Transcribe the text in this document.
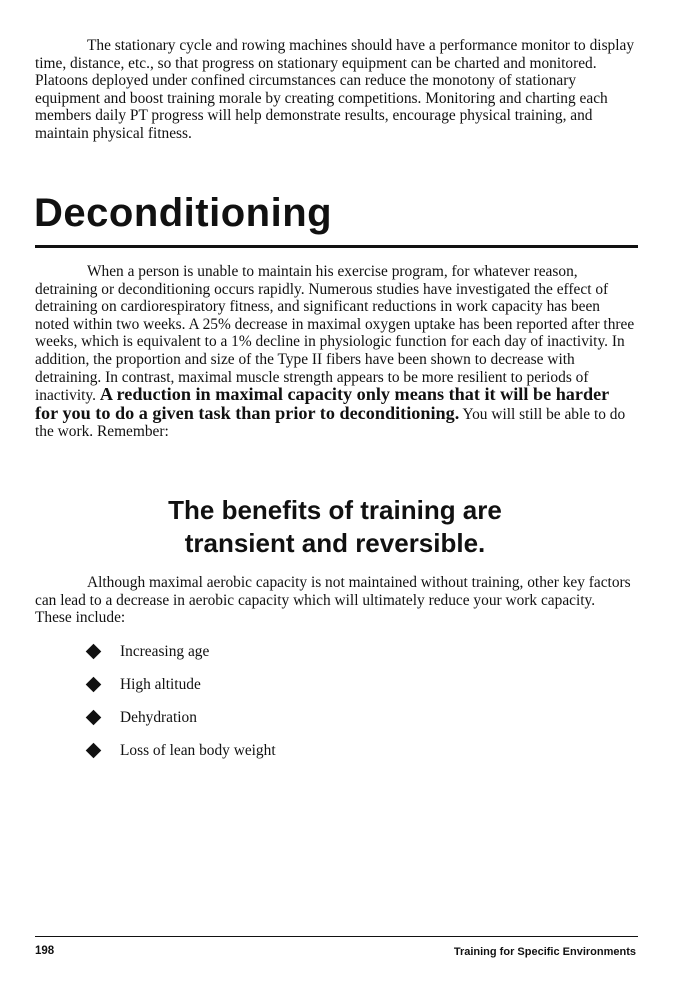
The stationary cycle and rowing machines should have a performance monitor to display time, distance, etc., so that progress on stationary equipment can be charted and monitored. Platoons deployed under confined circumstances can reduce the monotony of stationary equipment and boost training morale by creating competitions. Monitoring and charting each members daily PT progress will help demonstrate results, encourage physical training, and maintain physical fitness.

Deconditioning

When a person is unable to maintain his exercise program, for whatever reason, detraining or deconditioning occurs rapidly. Numerous studies have investigated the effect of detraining on cardiorespiratory fitness, and significant reductions in work capacity has been noted within two weeks. A 25% decrease in maximal oxygen uptake has been reported after three weeks, which is equivalent to a 1% decline in physiologic function for each day of inactivity. In addition, the proportion and size of the Type II fibers have been shown to decrease with detraining. In contrast, maximal muscle strength appears to be more resilient to periods of inactivity. A reduction in maximal capacity only means that it will be harder for you to do a given task than prior to deconditioning. You will still be able to do the work. Remember:

The benefits of training are
transient and reversible.

Although maximal aerobic capacity is not maintained without training, other key factors can lead to a decrease in aerobic capacity which will ultimately reduce your work capacity. These include:

Increasing age
High altitude
Dehydration
Loss of lean body weight
198	Training for Specific Environments
